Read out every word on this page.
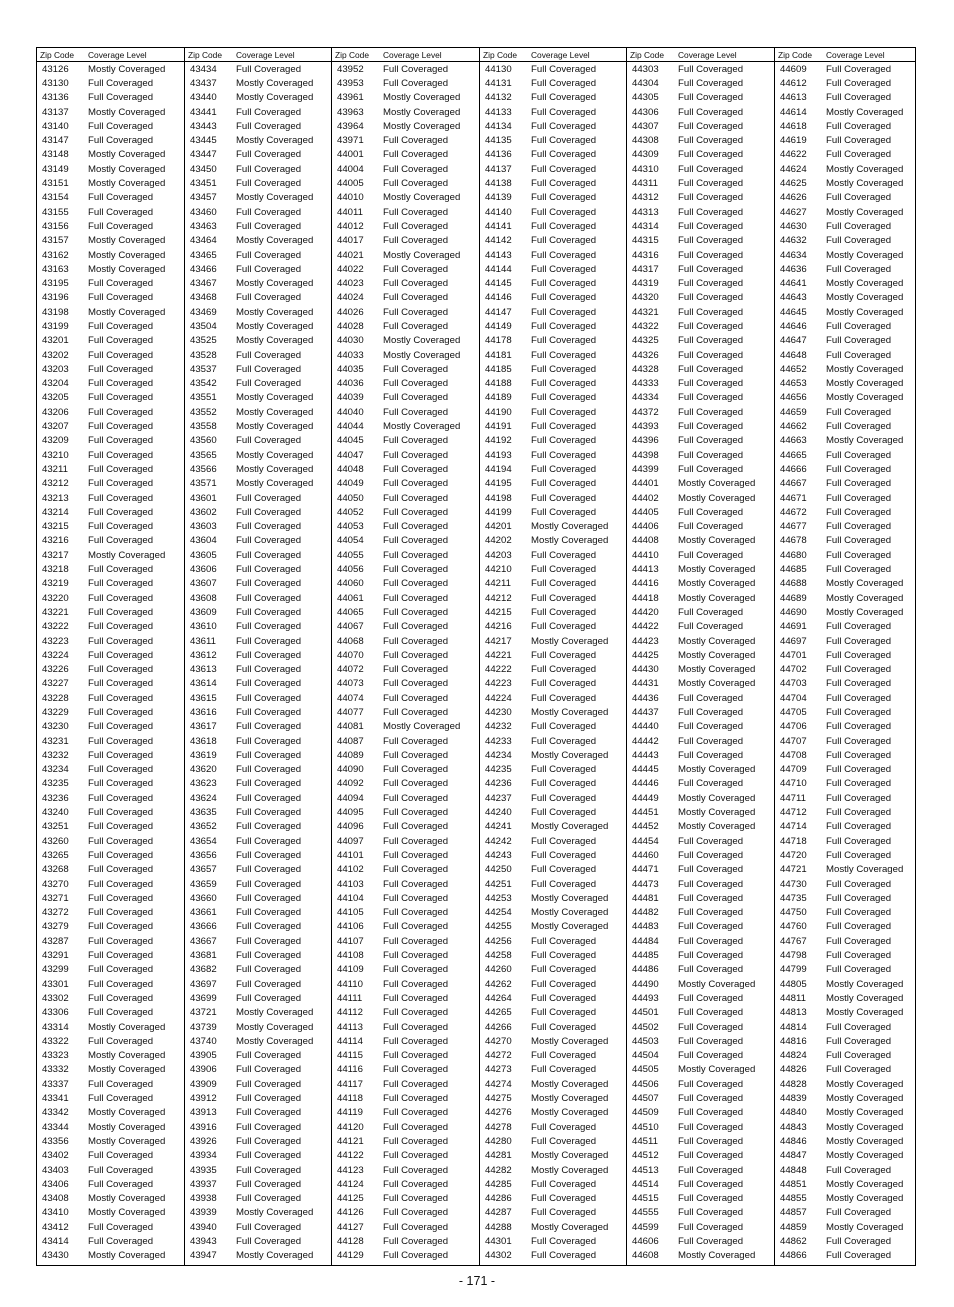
Zip Code	Coverage Level
43126	Mostly Coveraged
43130	Full Coveraged
43136	Full Coveraged
43137	Mostly Coveraged
43140	Full Coveraged
43147	Full Coveraged
43148	Mostly Coveraged
43149	Mostly Coveraged
43151	Mostly Coveraged
43154	Full Coveraged
43155	Full Coveraged
43156	Full Coveraged
43157	Mostly Coveraged
43162	Mostly Coveraged
43163	Mostly Coveraged
43195	Full Coveraged
43196	Full Coveraged
43198	Mostly Coveraged
43199	Full Coveraged
43201	Full Coveraged
43202	Full Coveraged
43203	Full Coveraged
43204	Full Coveraged
43205	Full Coveraged
43206	Full Coveraged
43207	Full Coveraged
43209	Full Coveraged
43210	Full Coveraged
43211	Full Coveraged
43212	Full Coveraged
43213	Full Coveraged
43214	Full Coveraged
43215	Full Coveraged
43216	Full Coveraged
43217	Mostly Coveraged
43218	Full Coveraged
43219	Full Coveraged
43220	Full Coveraged
43221	Full Coveraged
43222	Full Coveraged
43223	Full Coveraged
43224	Full Coveraged
43226	Full Coveraged
43227	Full Coveraged
43228	Full Coveraged
43229	Full Coveraged
43230	Full Coveraged
43231	Full Coveraged
43232	Full Coveraged
43234	Full Coveraged
43235	Full Coveraged
43236	Full Coveraged
43240	Full Coveraged
43251	Full Coveraged
43260	Full Coveraged
43265	Full Coveraged
43268	Full Coveraged
43270	Full Coveraged
43271	Full Coveraged
43272	Full Coveraged
43279	Full Coveraged
43287	Full Coveraged
43291	Full Coveraged
43299	Full Coveraged
43301	Full Coveraged
43302	Full Coveraged
43306	Full Coveraged
43314	Mostly Coveraged
43322	Full Coveraged
43323	Mostly Coveraged
43332	Mostly Coveraged
43337	Full Coveraged
43341	Full Coveraged
43342	Mostly Coveraged
43344	Mostly Coveraged
43356	Mostly Coveraged
43402	Full Coveraged
43403	Full Coveraged
43406	Full Coveraged
43408	Mostly Coveraged
43410	Mostly Coveraged
43412	Full Coveraged
43414	Full Coveraged
43430	Mostly Coveraged
Zip Code	Coverage Level
43434	Full Coveraged
43437	Mostly Coveraged
43440	Mostly Coveraged
43441	Full Coveraged
43443	Full Coveraged
43445	Mostly Coveraged
43447	Full Coveraged
43450	Full Coveraged
43451	Full Coveraged
43457	Mostly Coveraged
43460	Full Coveraged
43463	Full Coveraged
43464	Mostly Coveraged
43465	Full Coveraged
43466	Full Coveraged
43467	Mostly Coveraged
43468	Full Coveraged
43469	Mostly Coveraged
43504	Mostly Coveraged
43525	Mostly Coveraged
43528	Full Coveraged
43537	Full Coveraged
43542	Full Coveraged
43551	Mostly Coveraged
43552	Mostly Coveraged
43558	Mostly Coveraged
43560	Full Coveraged
43565	Mostly Coveraged
43566	Mostly Coveraged
43571	Mostly Coveraged
43601	Full Coveraged
43602	Full Coveraged
43603	Full Coveraged
43604	Full Coveraged
43605	Full Coveraged
43606	Full Coveraged
43607	Full Coveraged
43608	Full Coveraged
43609	Full Coveraged
43610	Full Coveraged
43611	Full Coveraged
43612	Full Coveraged
43613	Full Coveraged
43614	Full Coveraged
43615	Full Coveraged
43616	Full Coveraged
43617	Full Coveraged
43618	Full Coveraged
43619	Full Coveraged
43620	Full Coveraged
43623	Full Coveraged
43624	Full Coveraged
43635	Full Coveraged
43652	Full Coveraged
43654	Full Coveraged
43656	Full Coveraged
43657	Full Coveraged
43659	Full Coveraged
43660	Full Coveraged
43661	Full Coveraged
43666	Full Coveraged
43667	Full Coveraged
43681	Full Coveraged
43682	Full Coveraged
43697	Full Coveraged
43699	Full Coveraged
43721	Mostly Coveraged
43739	Mostly Coveraged
43740	Mostly Coveraged
43905	Full Coveraged
43906	Full Coveraged
43909	Full Coveraged
43912	Full Coveraged
43913	Full Coveraged
43916	Full Coveraged
43926	Full Coveraged
43934	Full Coveraged
43935	Full Coveraged
43937	Full Coveraged
43938	Full Coveraged
43939	Mostly Coveraged
43940	Full Coveraged
43943	Full Coveraged
43947	Mostly Coveraged
Zip Code	Coverage Level
43952	Full Coveraged
43953	Full Coveraged
43961	Mostly Coveraged
43963	Mostly Coveraged
43964	Mostly Coveraged
43971	Full Coveraged
44001	Full Coveraged
44004	Full Coveraged
44005	Full Coveraged
44010	Mostly Coveraged
44011	Full Coveraged
44012	Full Coveraged
44017	Full Coveraged
44021	Mostly Coveraged
44022	Full Coveraged
44023	Full Coveraged
44024	Full Coveraged
44026	Full Coveraged
44028	Full Coveraged
44030	Mostly Coveraged
44033	Mostly Coveraged
44035	Full Coveraged
44036	Full Coveraged
44039	Full Coveraged
44040	Full Coveraged
44044	Mostly Coveraged
44045	Full Coveraged
44047	Full Coveraged
44048	Full Coveraged
44049	Full Coveraged
44050	Full Coveraged
44052	Full Coveraged
44053	Full Coveraged
44054	Full Coveraged
44055	Full Coveraged
44056	Full Coveraged
44060	Full Coveraged
44061	Full Coveraged
44065	Full Coveraged
44067	Full Coveraged
44068	Full Coveraged
44070	Full Coveraged
44072	Full Coveraged
44073	Full Coveraged
44074	Full Coveraged
44077	Full Coveraged
44081	Mostly Coveraged
44087	Full Coveraged
44089	Full Coveraged
44090	Full Coveraged
44092	Full Coveraged
44094	Full Coveraged
44095	Full Coveraged
44096	Full Coveraged
44097	Full Coveraged
44101	Full Coveraged
44102	Full Coveraged
44103	Full Coveraged
44104	Full Coveraged
44105	Full Coveraged
44106	Full Coveraged
44107	Full Coveraged
44108	Full Coveraged
44109	Full Coveraged
44110	Full Coveraged
44111	Full Coveraged
44112	Full Coveraged
44113	Full Coveraged
44114	Full Coveraged
44115	Full Coveraged
44116	Full Coveraged
44117	Full Coveraged
44118	Full Coveraged
44119	Full Coveraged
44120	Full Coveraged
44121	Full Coveraged
44122	Full Coveraged
44123	Full Coveraged
44124	Full Coveraged
44125	Full Coveraged
44126	Full Coveraged
44127	Full Coveraged
44128	Full Coveraged
44129	Full Coveraged
Zip Code	Coverage Level
44130	Full Coveraged
44131	Full Coveraged
44132	Full Coveraged
44133	Full Coveraged
44134	Full Coveraged
44135	Full Coveraged
44136	Full Coveraged
44137	Full Coveraged
44138	Full Coveraged
44139	Full Coveraged
44140	Full Coveraged
44141	Full Coveraged
44142	Full Coveraged
44143	Full Coveraged
44144	Full Coveraged
44145	Full Coveraged
44146	Full Coveraged
44147	Full Coveraged
44149	Full Coveraged
44178	Full Coveraged
44181	Full Coveraged
44185	Full Coveraged
44188	Full Coveraged
44189	Full Coveraged
44190	Full Coveraged
44191	Full Coveraged
44192	Full Coveraged
44193	Full Coveraged
44194	Full Coveraged
44195	Full Coveraged
44198	Full Coveraged
44199	Full Coveraged
44201	Mostly Coveraged
44202	Mostly Coveraged
44203	Full Coveraged
44210	Full Coveraged
44211	Full Coveraged
44212	Full Coveraged
44215	Full Coveraged
44216	Full Coveraged
44217	Mostly Coveraged
44221	Full Coveraged
44222	Full Coveraged
44223	Full Coveraged
44224	Full Coveraged
44230	Mostly Coveraged
44232	Full Coveraged
44233	Full Coveraged
44234	Mostly Coveraged
44235	Full Coveraged
44236	Full Coveraged
44237	Full Coveraged
44240	Full Coveraged
44241	Mostly Coveraged
44242	Full Coveraged
44243	Full Coveraged
44250	Full Coveraged
44251	Full Coveraged
44253	Mostly Coveraged
44254	Mostly Coveraged
44255	Mostly Coveraged
44256	Full Coveraged
44258	Full Coveraged
44260	Full Coveraged
44262	Full Coveraged
44264	Full Coveraged
44265	Full Coveraged
44266	Full Coveraged
44270	Mostly Coveraged
44272	Full Coveraged
44273	Full Coveraged
44274	Mostly Coveraged
44275	Mostly Coveraged
44276	Mostly Coveraged
44278	Full Coveraged
44280	Full Coveraged
44281	Mostly Coveraged
44282	Mostly Coveraged
44285	Full Coveraged
44286	Full Coveraged
44287	Full Coveraged
44288	Mostly Coveraged
44301	Full Coveraged
44302	Full Coveraged
Zip Code	Coverage Level
44303	Full Coveraged
44304	Full Coveraged
44305	Full Coveraged
44306	Full Coveraged
44307	Full Coveraged
44308	Full Coveraged
44309	Full Coveraged
44310	Full Coveraged
44311	Full Coveraged
44312	Full Coveraged
44313	Full Coveraged
44314	Full Coveraged
44315	Full Coveraged
44316	Full Coveraged
44317	Full Coveraged
44319	Full Coveraged
44320	Full Coveraged
44321	Full Coveraged
44322	Full Coveraged
44325	Full Coveraged
44326	Full Coveraged
44328	Full Coveraged
44333	Full Coveraged
44334	Full Coveraged
44372	Full Coveraged
44393	Full Coveraged
44396	Full Coveraged
44398	Full Coveraged
44399	Full Coveraged
44401	Mostly Coveraged
44402	Mostly Coveraged
44405	Full Coveraged
44406	Full Coveraged
44408	Mostly Coveraged
44410	Full Coveraged
44413	Mostly Coveraged
44416	Mostly Coveraged
44418	Mostly Coveraged
44420	Full Coveraged
44422	Full Coveraged
44423	Mostly Coveraged
44425	Mostly Coveraged
44430	Mostly Coveraged
44431	Mostly Coveraged
44436	Full Coveraged
44437	Full Coveraged
44440	Full Coveraged
44442	Full Coveraged
44443	Full Coveraged
44445	Mostly Coveraged
44446	Full Coveraged
44449	Mostly Coveraged
44451	Mostly Coveraged
44452	Mostly Coveraged
44454	Full Coveraged
44460	Full Coveraged
44471	Full Coveraged
44473	Full Coveraged
44481	Full Coveraged
44482	Full Coveraged
44483	Full Coveraged
44484	Full Coveraged
44485	Full Coveraged
44486	Full Coveraged
44490	Mostly Coveraged
44493	Full Coveraged
44501	Full Coveraged
44502	Full Coveraged
44503	Full Coveraged
44504	Full Coveraged
44505	Mostly Coveraged
44506	Full Coveraged
44507	Full Coveraged
44509	Full Coveraged
44510	Full Coveraged
44511	Full Coveraged
44512	Full Coveraged
44513	Full Coveraged
44514	Full Coveraged
44515	Full Coveraged
44555	Full Coveraged
44599	Full Coveraged
44606	Full Coveraged
44608	Mostly Coveraged
Zip Code	Coverage Level
44609	Full Coveraged
44612	Full Coveraged
44613	Full Coveraged
44614	Mostly Coveraged
44618	Full Coveraged
44619	Full Coveraged
44622	Full Coveraged
44624	Mostly Coveraged
44625	Mostly Coveraged
44626	Full Coveraged
44627	Mostly Coveraged
44630	Full Coveraged
44632	Full Coveraged
44634	Mostly Coveraged
44636	Full Coveraged
44641	Mostly Coveraged
44643	Mostly Coveraged
44645	Mostly Coveraged
44646	Full Coveraged
44647	Full Coveraged
44648	Full Coveraged
44652	Mostly Coveraged
44653	Mostly Coveraged
44656	Mostly Coveraged
44659	Full Coveraged
44662	Full Coveraged
44663	Mostly Coveraged
44665	Full Coveraged
44666	Full Coveraged
44667	Full Coveraged
44671	Full Coveraged
44672	Full Coveraged
44677	Full Coveraged
44678	Full Coveraged
44680	Full Coveraged
44685	Full Coveraged
44688	Mostly Coveraged
44689	Mostly Coveraged
44690	Mostly Coveraged
44691	Full Coveraged
44697	Full Coveraged
44701	Full Coveraged
44702	Full Coveraged
44703	Full Coveraged
44704	Full Coveraged
44705	Full Coveraged
44706	Full Coveraged
44707	Full Coveraged
44708	Full Coveraged
44709	Full Coveraged
44710	Full Coveraged
44711	Full Coveraged
44712	Full Coveraged
44714	Full Coveraged
44718	Full Coveraged
44720	Full Coveraged
44721	Mostly Coveraged
44730	Full Coveraged
44735	Full Coveraged
44750	Full Coveraged
44760	Full Coveraged
44767	Full Coveraged
44798	Full Coveraged
44799	Full Coveraged
44805	Mostly Coveraged
44811	Mostly Coveraged
44813	Mostly Coveraged
44814	Full Coveraged
44816	Full Coveraged
44824	Full Coveraged
44826	Full Coveraged
44828	Mostly Coveraged
44839	Mostly Coveraged
44840	Mostly Coveraged
44843	Mostly Coveraged
44846	Mostly Coveraged
44847	Mostly Coveraged
44848	Full Coveraged
44851	Mostly Coveraged
44855	Mostly Coveraged
44857	Full Coveraged
44859	Mostly Coveraged
44862	Full Coveraged
44866	Full Coveraged
- 171 -
